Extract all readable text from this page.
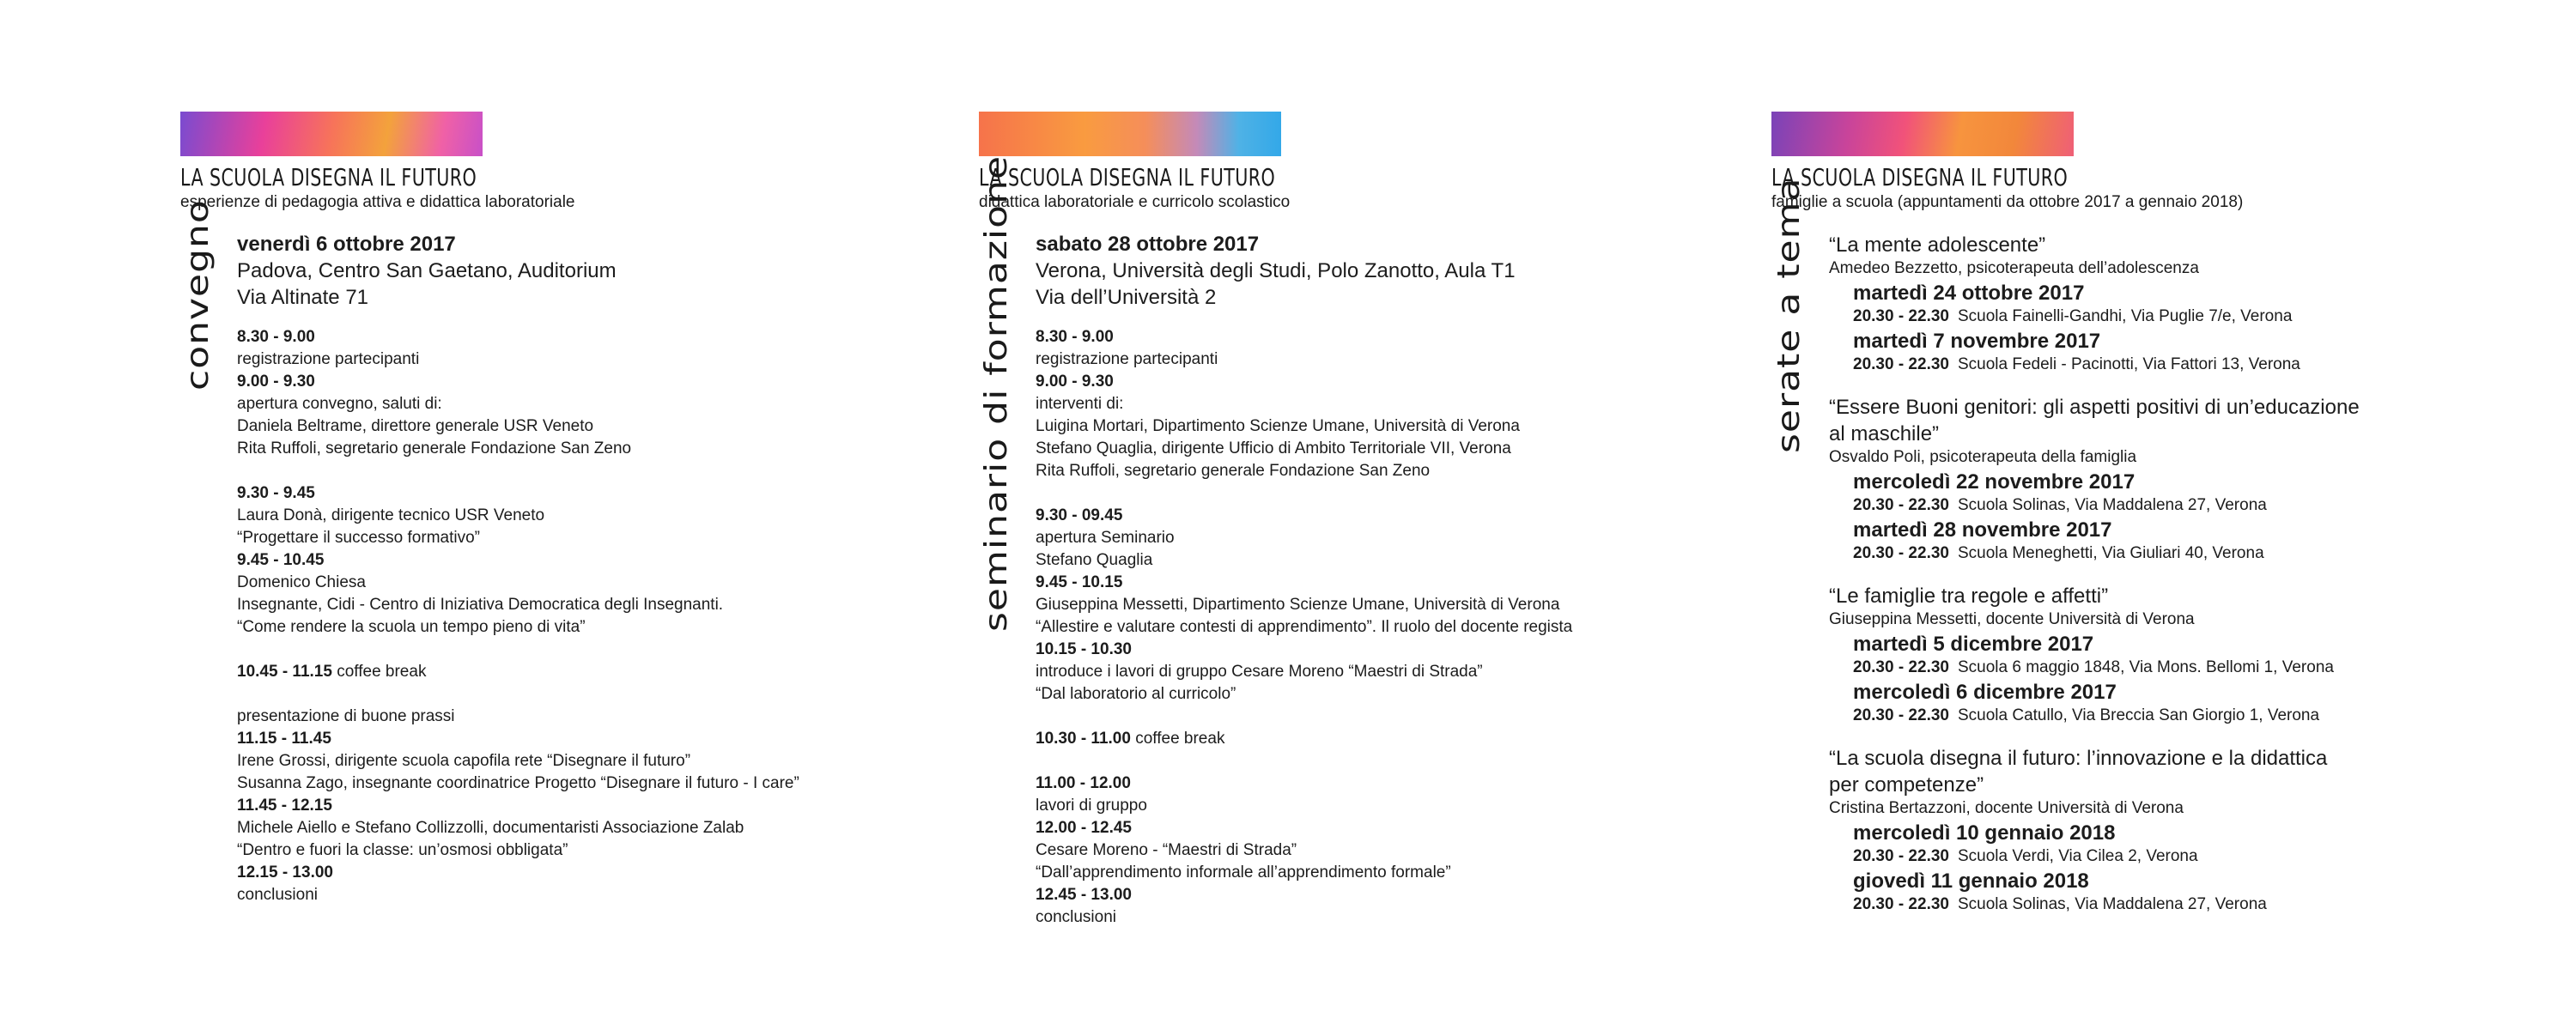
LA SCUOLA DISEGNA IL FUTURO
esperienze di pedagogia attiva e didattica laboratoriale
convegno venerdì 6 ottobre 2017
Padova, Centro San Gaetano, Auditorium
Via Altinate 71
8.30 - 9.00
registrazione partecipanti
9.00 - 9.30
apertura convegno, saluti di:
Daniela Beltrame, direttore generale USR Veneto
Rita Ruffoli, segretario generale Fondazione San Zeno
9.30 - 9.45
Laura Donà, dirigente tecnico USR Veneto
“Progettare il successo formativo”
9.45 - 10.45
Domenico Chiesa
Insegnante, Cidi - Centro di Iniziativa Democratica degli Insegnanti.
“Come rendere la scuola un tempo pieno di vita”
10.45 - 11.15 coffee break
presentazione di buone prassi
11.15 - 11.45
Irene Grossi, dirigente scuola capofila rete “Disegnare il futuro”
Susanna Zago, insegnante coordinatrice Progetto “Disegnare il futuro - I care”
11.45 - 12.15
Michele Aiello e Stefano Collizzolli, documentaristi Associazione Zalab
“Dentro e fuori la classe: un’osmosi obbligata”
12.15 - 13.00
conclusioni
LA SCUOLA DISEGNA IL FUTURO
didattica laboratoriale e curricolo scolastico
seminario di formazione sabato 28 ottobre 2017
Verona, Università degli Studi, Polo Zanotto, Aula T1
Via dell’Università 2
8.30 - 9.00
registrazione partecipanti
9.00 - 9.30
interventi di:
Luigina Mortari, Dipartimento Scienze Umane, Università di Verona
Stefano Quaglia, dirigente Ufficio di Ambito Territoriale VII, Verona
Rita Ruffoli, segretario generale Fondazione San Zeno
9.30 - 09.45
apertura Seminario
Stefano Quaglia
9.45 - 10.15
Giuseppina Messetti, Dipartimento Scienze Umane, Università di Verona
“Allestire e valutare contesti di apprendimento”. Il ruolo del docente regista
10.15 - 10.30
introduce i lavori di gruppo Cesare Moreno “Maestri di Strada”
“Dal laboratorio al curricolo”
10.30 - 11.00 coffee break
11.00 - 12.00
lavori di gruppo
12.00 - 12.45
Cesare Moreno - “Maestri di Strada”
“Dall’apprendimento informale all’apprendimento formale”
12.45 - 13.00
conclusioni
LA SCUOLA DISEGNA IL FUTURO
famiglie a scuola (appuntamenti da ottobre 2017 a gennaio 2018)
serate a tema “La mente adolescente”
Amedeo Bezzetto, psicoterapeuta dell’adolescenza
martedì 24 ottobre 2017
20.30 - 22.30 Scuola Fainelli-Gandhi, Via Puglie 7/e, Verona
martedì 7 novembre 2017
20.30 - 22.30 Scuola Fedeli - Pacinotti, Via Fattori 13, Verona
“Essere Buoni genitori: gli aspetti positivi di un’educazione
al maschile”
Osvaldo Poli, psicoterapeuta della famiglia
mercoledì 22 novembre 2017
20.30 - 22.30 Scuola Solinas, Via Maddalena 27, Verona
martedì 28 novembre 2017
20.30 - 22.30 Scuola Meneghetti, Via Giuliari 40, Verona
“Le famiglie tra regole e affetti”
Giuseppina Messetti, docente Università di Verona
martedì 5 dicembre 2017
20.30 - 22.30 Scuola 6 maggio 1848, Via Mons. Bellomi 1, Verona
mercoledì 6 dicembre 2017
20.30 - 22.30 Scuola Catullo, Via Breccia San Giorgio 1, Verona
“La scuola disegna il futuro: l’innovazione e la didattica
per competenze”
Cristina Bertazzoni, docente Università di Verona
mercoledì 10 gennaio 2018
20.30 - 22.30 Scuola Verdi, Via Cilea 2, Verona
giovedì 11 gennaio 2018
20.30 - 22.30 Scuola Solinas, Via Maddalena 27, Verona
